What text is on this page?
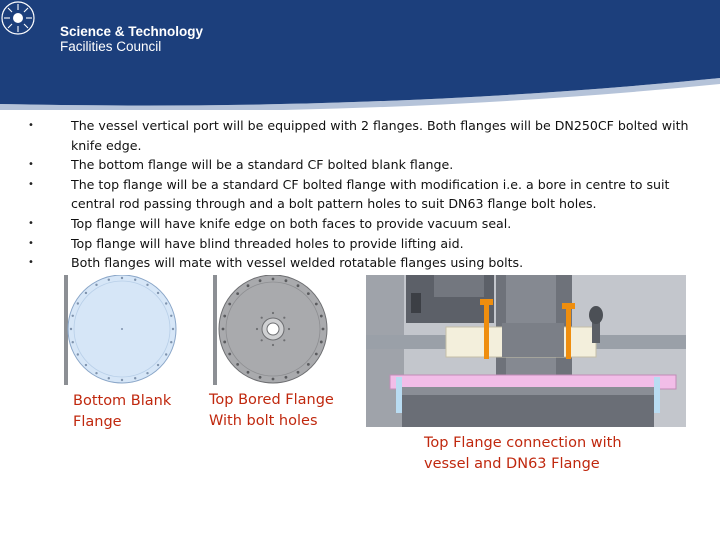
Science & Technology
Facilities Council
• The vessel vertical port will be equipped with 2 flanges. Both flanges will be DN250CF bolted with knife edge.
• The bottom flange will be a standard CF bolted blank flange.
• The top flange will be a standard CF bolted flange with modification i.e. a bore in centre to suit central rod passing through and a bolt pattern holes to suit DN63 flange bolt holes.
• Top flange will have knife edge on both faces to provide vacuum seal.
• Top flange will have blind threaded holes to provide lifting aid.
• Both flanges will mate with vessel welded rotatable flanges using bolts.
Bottom Blank
Flange
Top Bored Flange
With bolt holes
Top Flange connection with
vessel and DN63 Flange
